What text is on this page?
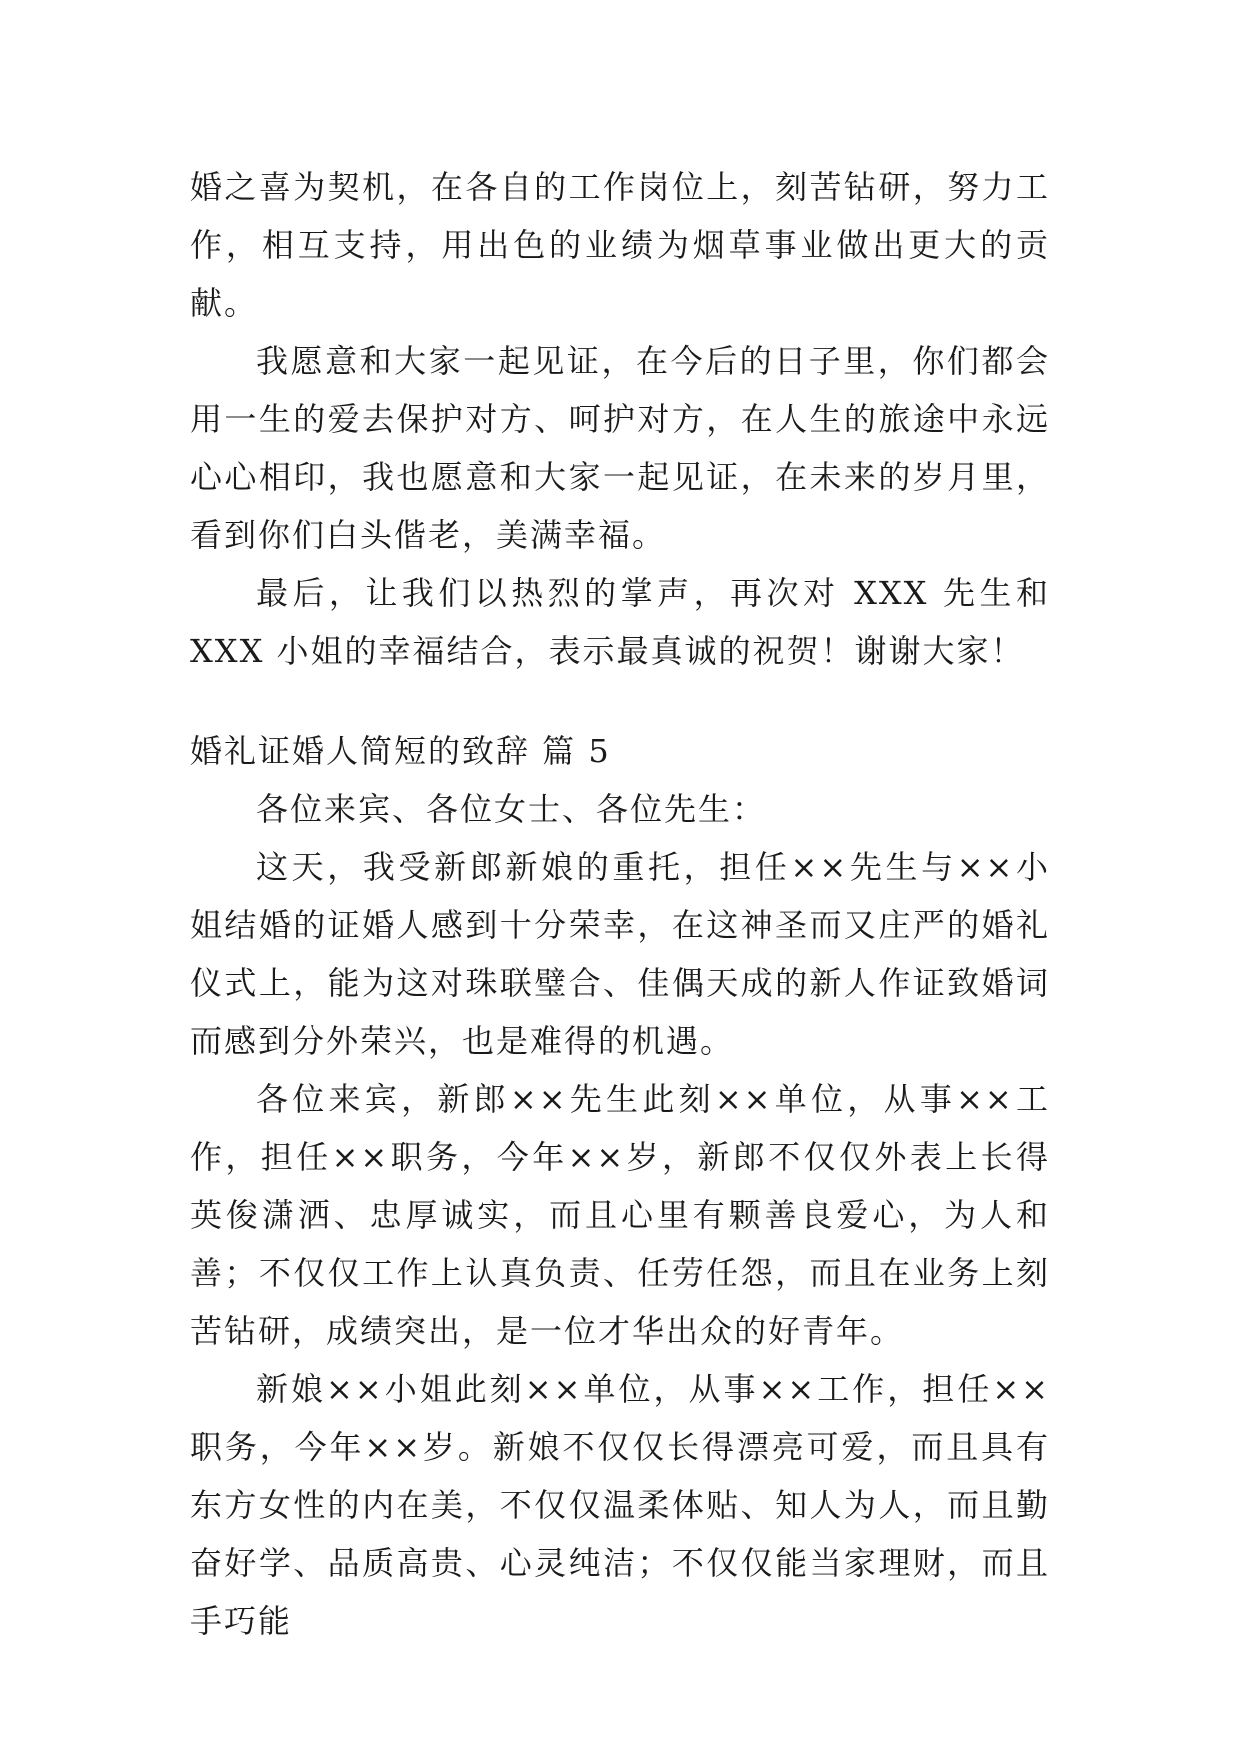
婚之喜为契机，在各自的工作岗位上，刻苦钻研，努力工作，相互支持，用出色的业绩为烟草事业做出更大的贡献。

我愿意和大家一起见证，在今后的日子里，你们都会用一生的爱去保护对方、呵护对方，在人生的旅途中永远心心相印，我也愿意和大家一起见证，在未来的岁月里，看到你们白头偕老，美满幸福。

最后，让我们以热烈的掌声，再次对 XXX 先生和 XXX 小姐的幸福结合，表示最真诚的祝贺！谢谢大家！

婚礼证婚人简短的致辞 篇 5

各位来宾、各位女士、各位先生：

这天，我受新郎新娘的重托，担任××先生与××小姐结婚的证婚人感到十分荣幸，在这神圣而又庄严的婚礼仪式上，能为这对珠联璧合、佳偶天成的新人作证致婚词而感到分外荣兴，也是难得的机遇。

各位来宾，新郎××先生此刻××单位，从事××工作，担任××职务，今年××岁，新郎不仅仅外表上长得英俊潇洒、忠厚诚实，而且心里有颗善良爱心，为人和善；不仅仅工作上认真负责、任劳任怨，而且在业务上刻苦钻研，成绩突出，是一位才华出众的好青年。

新娘××小姐此刻××单位，从事××工作，担任××职务，今年××岁。新娘不仅仅长得漂亮可爱，而且具有东方女性的内在美，不仅仅温柔体贴、知人为人，而且勤奋好学、品质高贵、心灵纯洁；不仅仅能当家理财，而且手巧能
